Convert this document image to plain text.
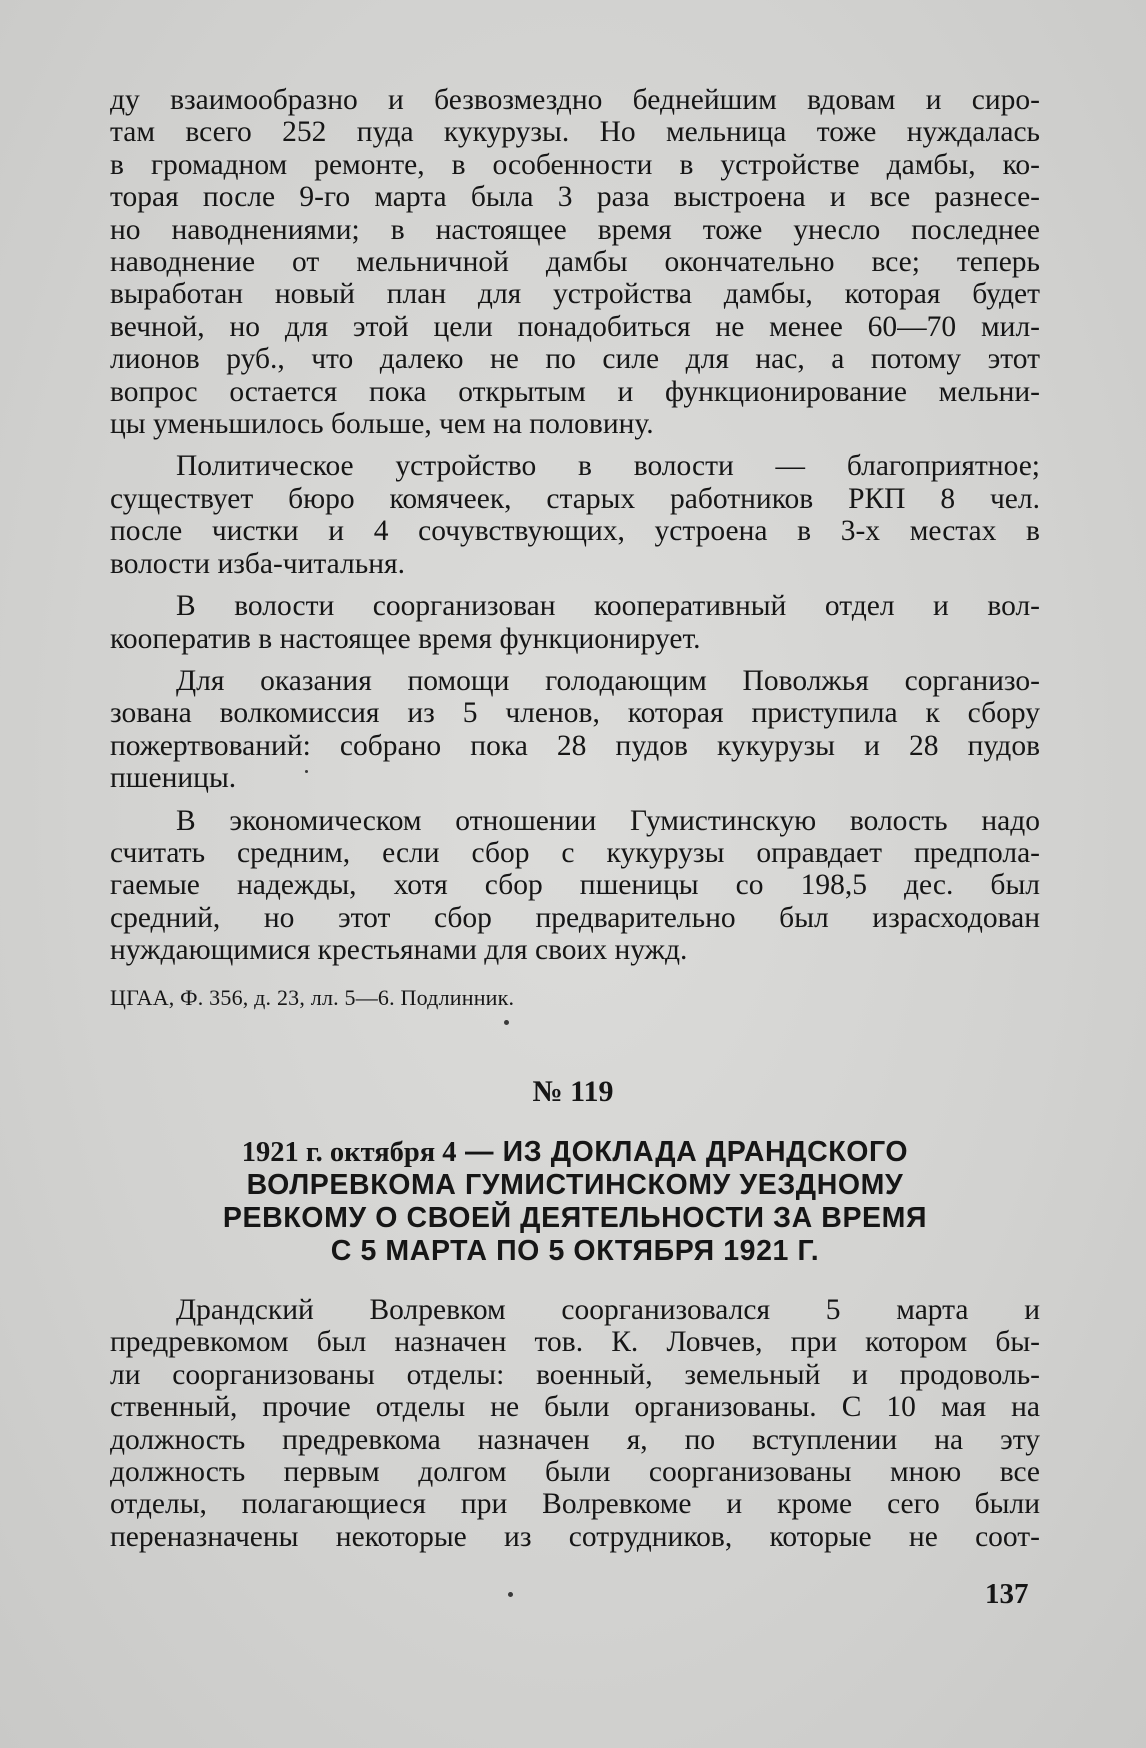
ду взаимообразно и безвозмездно беднейшим вдовам и сиро-
там всего 252 пуда кукурузы. Но мельница тоже нуждалась
в громадном ремонте, в особенности в устройстве дамбы, ко-
торая после 9-го марта была 3 раза выстроена и все разнесе-
но наводнениями; в настоящее время тоже унесло последнее
наводнение от мельничной дамбы окончательно все; теперь
выработан новый план для устройства дамбы, которая будет
вечной, но для этой цели понадобиться не менее 60—70 мил-
лионов руб., что далеко не по силе для нас, а потому этот
вопрос остается пока открытым и функционирование мельни-
цы уменьшилось больше, чем на половину.
Политическое устройство в волости — благоприятное;
существует бюро комячеек, старых работников РКП 8 чел.
после чистки и 4 сочувствующих, устроена в 3-х местах в
волости изба-читальня.
В волости соорганизован кооперативный отдел и вол-
кооператив в настоящее время функционирует.
Для оказания помощи голодающим Поволжья сорганизо-
зована волкомиссия из 5 членов, которая приступила к сбору
пожертвований: собрано пока 28 пудов кукурузы и 28 пудов
пшеницы.
В экономическом отношении Гумистинскую волость надо
считать средним, если сбор с кукурузы оправдает предпола-
гаемые надежды, хотя сбор пшеницы со 198,5 дес. был
средний, но этот сбор предварительно был израсходован
нуждающимися крестьянами для своих нужд.
ЦГАА, Ф. 356, д. 23, лл. 5—6. Подлинник.
№ 119
1921 г. октября 4 — ИЗ ДОКЛАДА ДРАНДСКОГО
ВОЛРЕВКОМА ГУМИСТИНСКОМУ УЕЗДНОМУ
РЕВКОМУ О СВОЕЙ ДЕЯТЕЛЬНОСТИ ЗА ВРЕМЯ
С 5 МАРТА ПО 5 ОКТЯБРЯ 1921 Г.
Драндский Волревком соорганизовался 5 марта и
предревкомом был назначен тов. К. Ловчев, при котором бы-
ли соорганизованы отделы: военный, земельный и продоволь-
ственный, прочие отделы не были организованы. С 10 мая на
должность предревкома назначен я, по вступлении на эту
должность первым долгом были соорганизованы мною все
отделы, полагающиеся при Волревкоме и кроме сего были
переназначены некоторые из сотрудников, которые не соот-
137
